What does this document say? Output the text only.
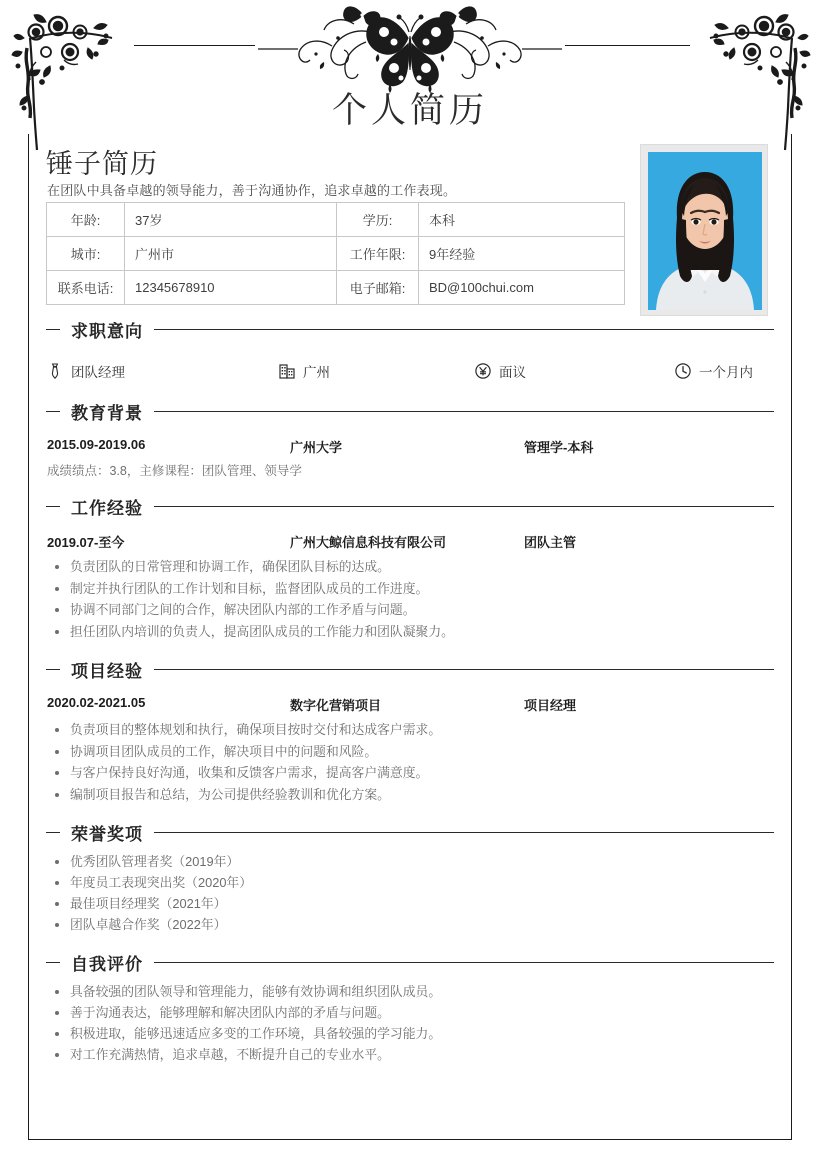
个人简历
锤子简历
在团队中具备卓越的领导能力，善于沟通协作，追求卓越的工作表现。
年龄:	37岁	学历:	本科
城市:	广州市	工作年限:	9年经验
联系电话:	12345678910	电子邮箱:	BD@100chui.com
求职意向
团队经理	广州	面议	一个月内
教育背景
2015.09-2019.06	广州大学	管理学-本科
成绩绩点：3.8，主修课程：团队管理、领导学
工作经验
2019.07-至今	广州大鲸信息科技有限公司	团队主管
负责团队的日常管理和协调工作，确保团队目标的达成。
制定并执行团队的工作计划和目标，监督团队成员的工作进度。
协调不同部门之间的合作，解决团队内部的工作矛盾与问题。
担任团队内培训的负责人，提高团队成员的工作能力和团队凝聚力。
项目经验
2020.02-2021.05	数字化营销项目	项目经理
负责项目的整体规划和执行，确保项目按时交付和达成客户需求。
协调项目团队成员的工作，解决项目中的问题和风险。
与客户保持良好沟通，收集和反馈客户需求，提高客户满意度。
编制项目报告和总结，为公司提供经验教训和优化方案。
荣誉奖项
优秀团队管理者奖（2019年）
年度员工表现突出奖（2020年）
最佳项目经理奖（2021年）
团队卓越合作奖（2022年）
自我评价
具备较强的团队领导和管理能力，能够有效协调和组织团队成员。
善于沟通表达，能够理解和解决团队内部的矛盾与问题。
积极进取，能够迅速适应多变的工作环境，具备较强的学习能力。
对工作充满热情，追求卓越，不断提升自己的专业水平。
